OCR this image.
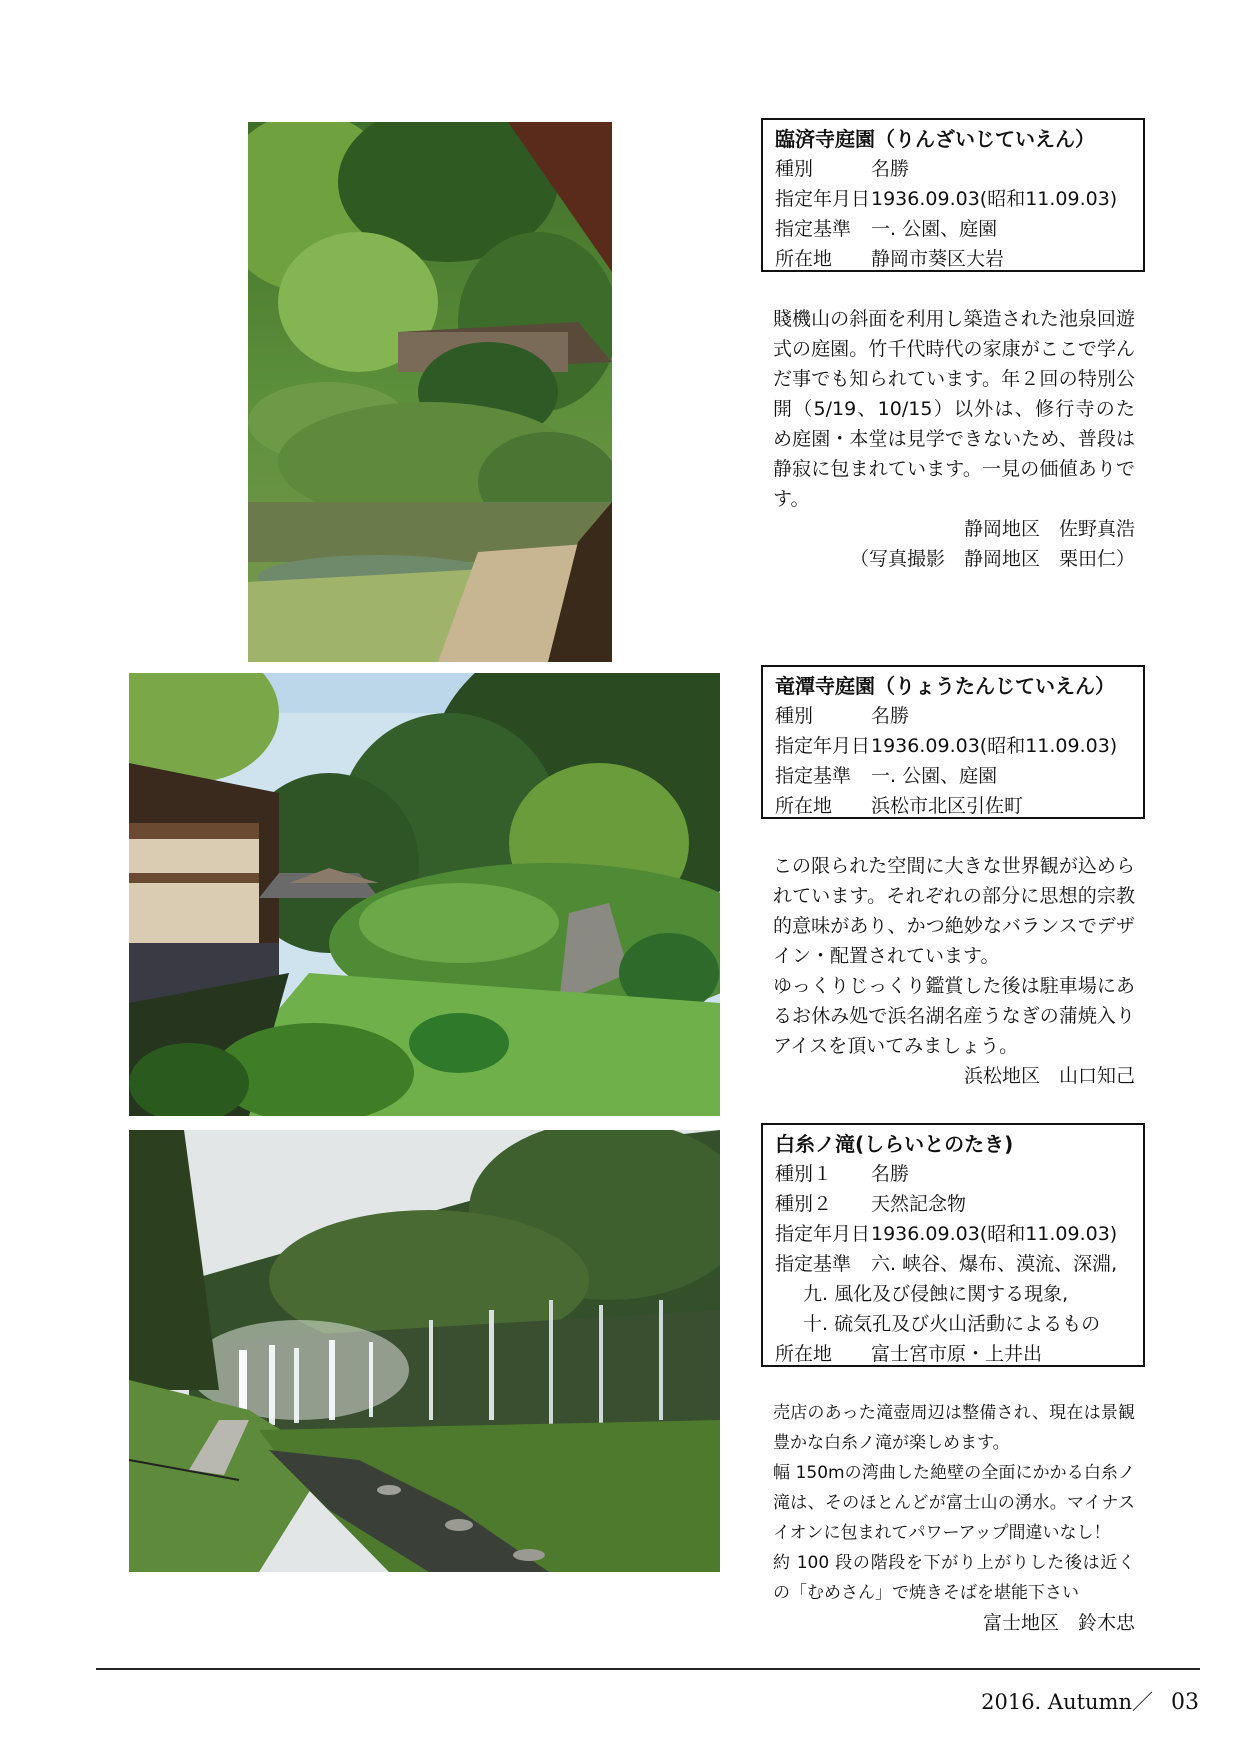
臨済寺庭園（りんざいじていえん）
種別	名勝
指定年月日 1936.09.03(昭和11.09.03)
指定基準	一. 公園、庭園
所在地	静岡市葵区大岩

賤機山の斜面を利用し築造された池泉回遊式の庭園。竹千代時代の家康がここで学んだ事でも知られています。年２回の特別公開（5/19、10/15）以外は、修行寺のため庭園・本堂は見学できないため、普段は静寂に包まれています。一見の価値ありです。

静岡地区　佐野真浩

（写真撮影　静岡地区　栗田仁）

竜潭寺庭園（りょうたんじていえん）
種別	名勝
指定年月日 1936.09.03(昭和11.09.03)
指定基準	一. 公園、庭園
所在地	浜松市北区引佐町

この限られた空間に大きな世界観が込められています。それぞれの部分に思想的宗教的意味があり、かつ絶妙なバランスでデザイン・配置されています。

ゆっくりじっくり鑑賞した後は駐車場にあるお休み処で浜名湖名産うなぎの蒲焼入りアイスを頂いてみましょう。

浜松地区　山口知己

白糸ノ滝(しらいとのたき)
種別１	名勝
種別２	天然記念物
指定年月日 1936.09.03(昭和11.09.03)
指定基準	六. 峡谷、爆布、漠流、深淵,
九. 風化及び侵蝕に関する現象,
十. 硫気孔及び火山活動によるもの
所在地	富士宮市原・上井出

売店のあった滝壺周辺は整備され、現在は景観豊かな白糸ノ滝が楽しめます。

幅 150mの湾曲した絶壁の全面にかかる白糸ノ滝は、そのほとんどが富士山の湧水。マイナスイオンに包まれてパワーアップ間違いなし！

約 100 段の階段を下がり上がりした後は近くの「むめさん」で焼きそばを堪能下さい

富士地区　鈴木忠

2016. Autumn／ 03
